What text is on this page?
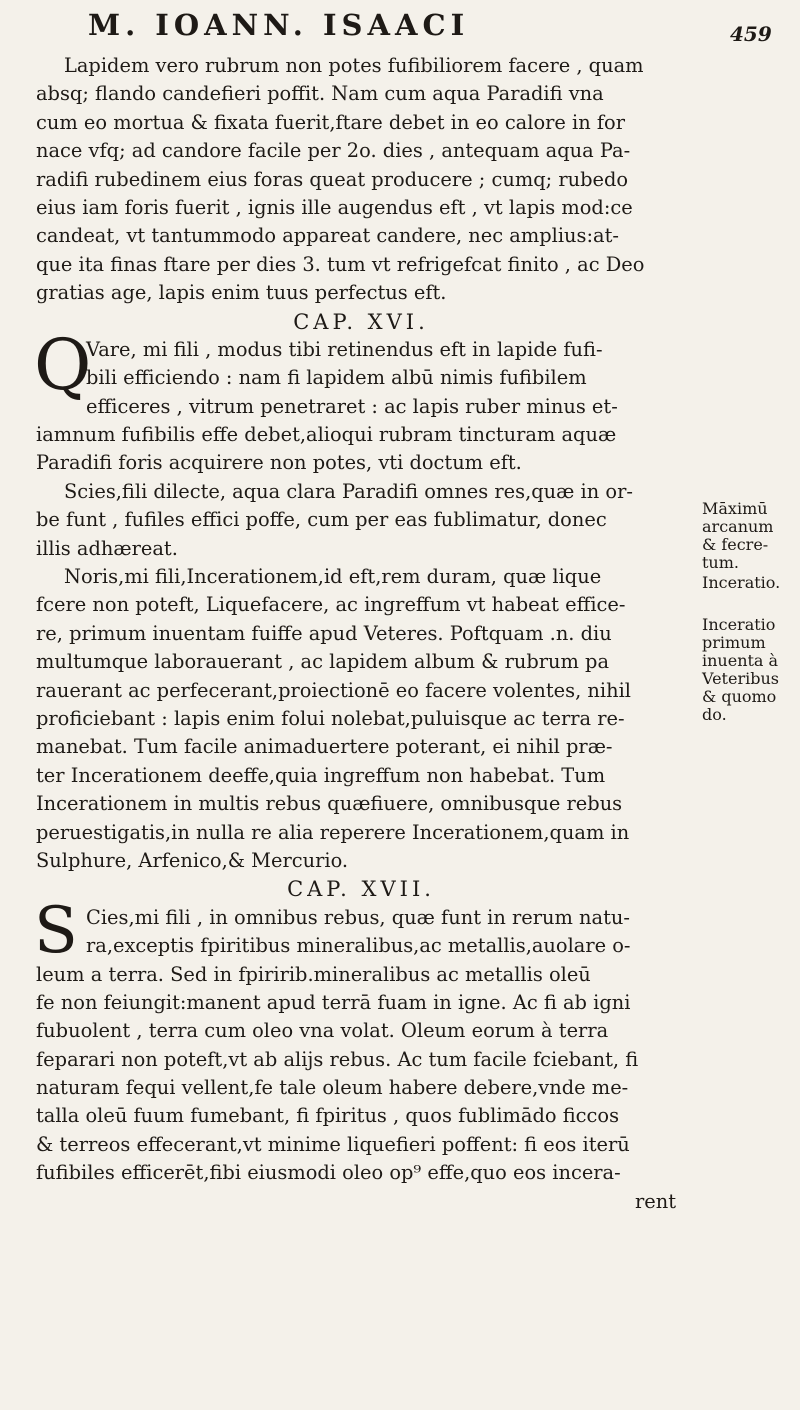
M. IOANN. ISAACI	459
Lapidem vero rubrum non potes fufibiliorem facere , quam
absq; flando candefieri poffit. Nam cum aqua Paradifi vna
cum eo mortua & fixata fuerit,ftare debet in eo calore in for
nace vfq; ad candore facile per 2o. dies , antequam aqua Pa-
radifi rubedinem eius foras queat producere ; cumq; rubedo
eius iam foris fuerit , ignis ille augendus eft , vt lapis mod:ce
candeat, vt tantummodo appareat candere, nec amplius:at-
que ita finas ftare per dies 3. tum vt refrigefcat finito , ac Deo
gratias age, lapis enim tuus perfectus eft.
CAP. XVI.
Q
Vare, mi fili , modus tibi retinendus eft in lapide fufi-
bili efficiendo : nam fi lapidem albū nimis fufibilem
efficeres , vitrum penetraret : ac lapis ruber minus et-
iamnum fufibilis effe debet,alioqui rubram tincturam aquæ
Paradifi foris acquirere non potes, vti doctum eft.
Scies,fili dilecte, aqua clara Paradifi omnes res,quæ in or-
be funt , fufiles effici poffe, cum per eas fublimatur, donec
illis adhæreat.
Noris,mi fili,Incerationem,id eft,rem duram, quæ lique
fcere non poteft, Liquefacere, ac ingreffum vt habeat effice-
re, primum inuentam fuiffe apud Veteres. Poftquam .n. diu
multumque laborauerant , ac lapidem album & rubrum pa
rauerant ac perfecerant,proiectionē eo facere volentes, nihil
proficiebant : lapis enim folui nolebat,puluisque ac terra re-
manebat. Tum facile animaduertere poterant, ei nihil præ-
ter Incerationem deeffe,quia ingreffum non habebat. Tum
Incerationem in multis rebus quæfiuere, omnibusque rebus
peruestigatis,in nulla re alia reperere Incerationem,quam in
Sulphure, Arfenico,& Mercurio.
CAP. XVII.
S Cies,mi fili , in omnibus rebus, quæ funt in rerum natu-
ra,exceptis fpiritibus mineralibus,ac metallis,auolare o-
leum a terra. Sed in fpiririb.mineralibus ac metallis oleū
fe non feiungit:manent apud terrā fuam in igne. Ac fi ab igni
fubuolent , terra cum oleo vna volat. Oleum eorum à terra
feparari non poteft,vt ab alijs rebus. Ac tum facile fciebant, fi
naturam fequi vellent,fe tale oleum habere debere,vnde me-
talla oleū fuum fumebant, fi fpiritus , quos fublimādo ficcos
& terreos effecerant,vt minime liquefieri poffent: fi eos iterū
fufibiles efficerēt,fibi eiusmodi oleo op⁹ effe,quo eos incera-
rent
Māximū
arcanum
& fecre-
tum.
Inceratio.
Inceratio
primum
inuenta à
Veteribus
& quomo
do.
